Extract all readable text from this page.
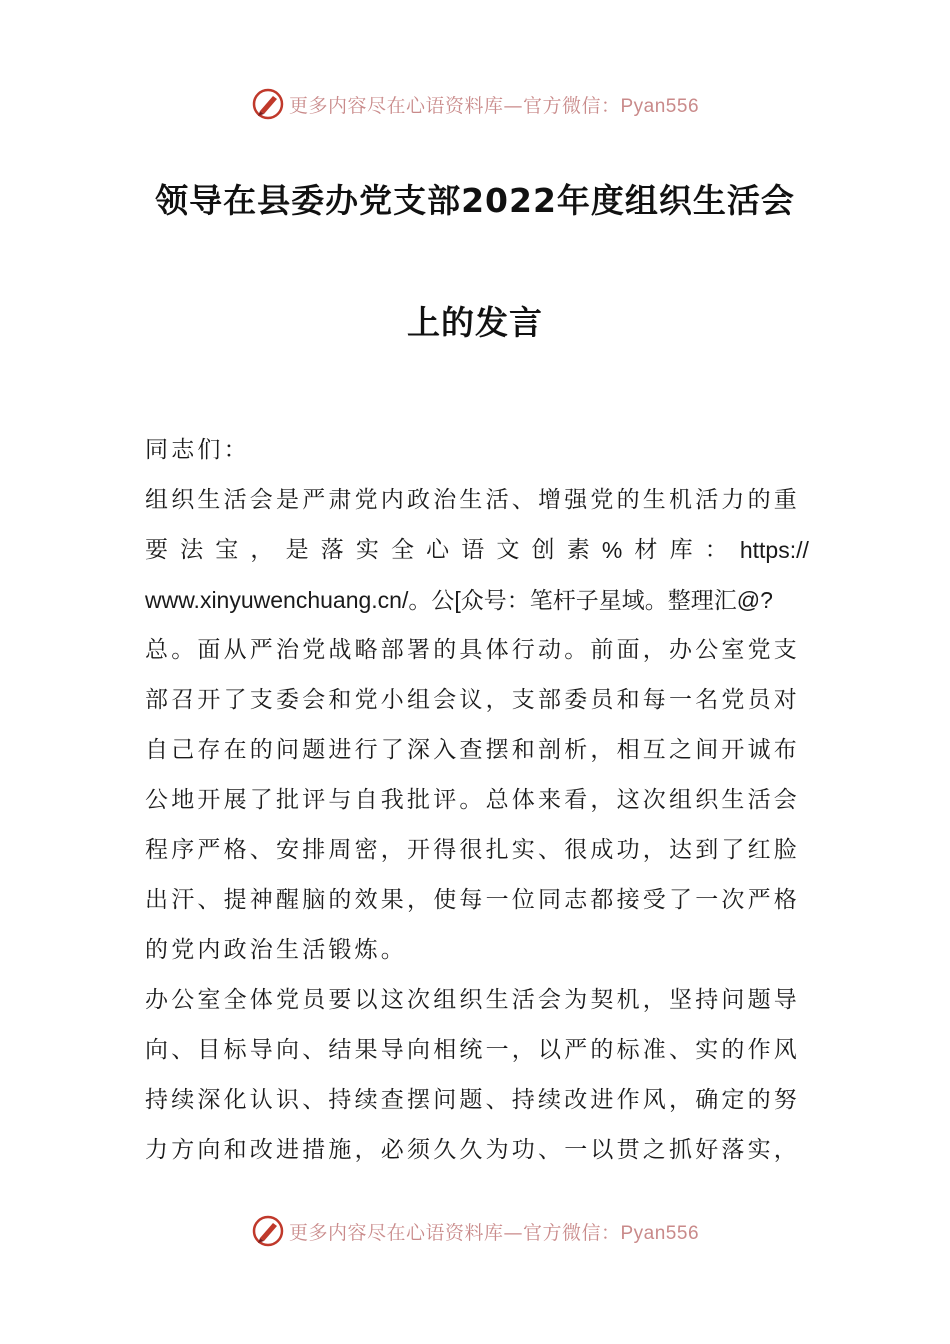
更多内容尽在心语资料库—官方微信：Pyan556
领导在县委办党支部2022年度组织生活会
上的发言
同志们：
组织生活会是严肃党内政治生活、增强党的生机活力的重
要 法 宝 ， 是 落 实 全 心 语 文 创 素 % 材 库 ： https://
www.xinyuwenchuang.cn/。公[众号：笔杆子星域。整理汇@?
总。面从严治党战略部署的具体行动。前面，办公室党支
部召开了支委会和党小组会议，支部委员和每一名党员对
自己存在的问题进行了深入查摆和剖析，相互之间开诚布
公地开展了批评与自我批评。总体来看，这次组织生活会
程序严格、安排周密，开得很扎实、很成功，达到了红脸
出汗、提神醒脑的效果，使每一位同志都接受了一次严格
的党内政治生活锻炼。
办公室全体党员要以这次组织生活会为契机，坚持问题导
向、目标导向、结果导向相统一，以严的标准、实的作风
持续深化认识、持续查摆问题、持续改进作风，确定的努
力方向和改进措施，必须久久为功、一以贯之抓好落实，
更多内容尽在心语资料库—官方微信：Pyan556
